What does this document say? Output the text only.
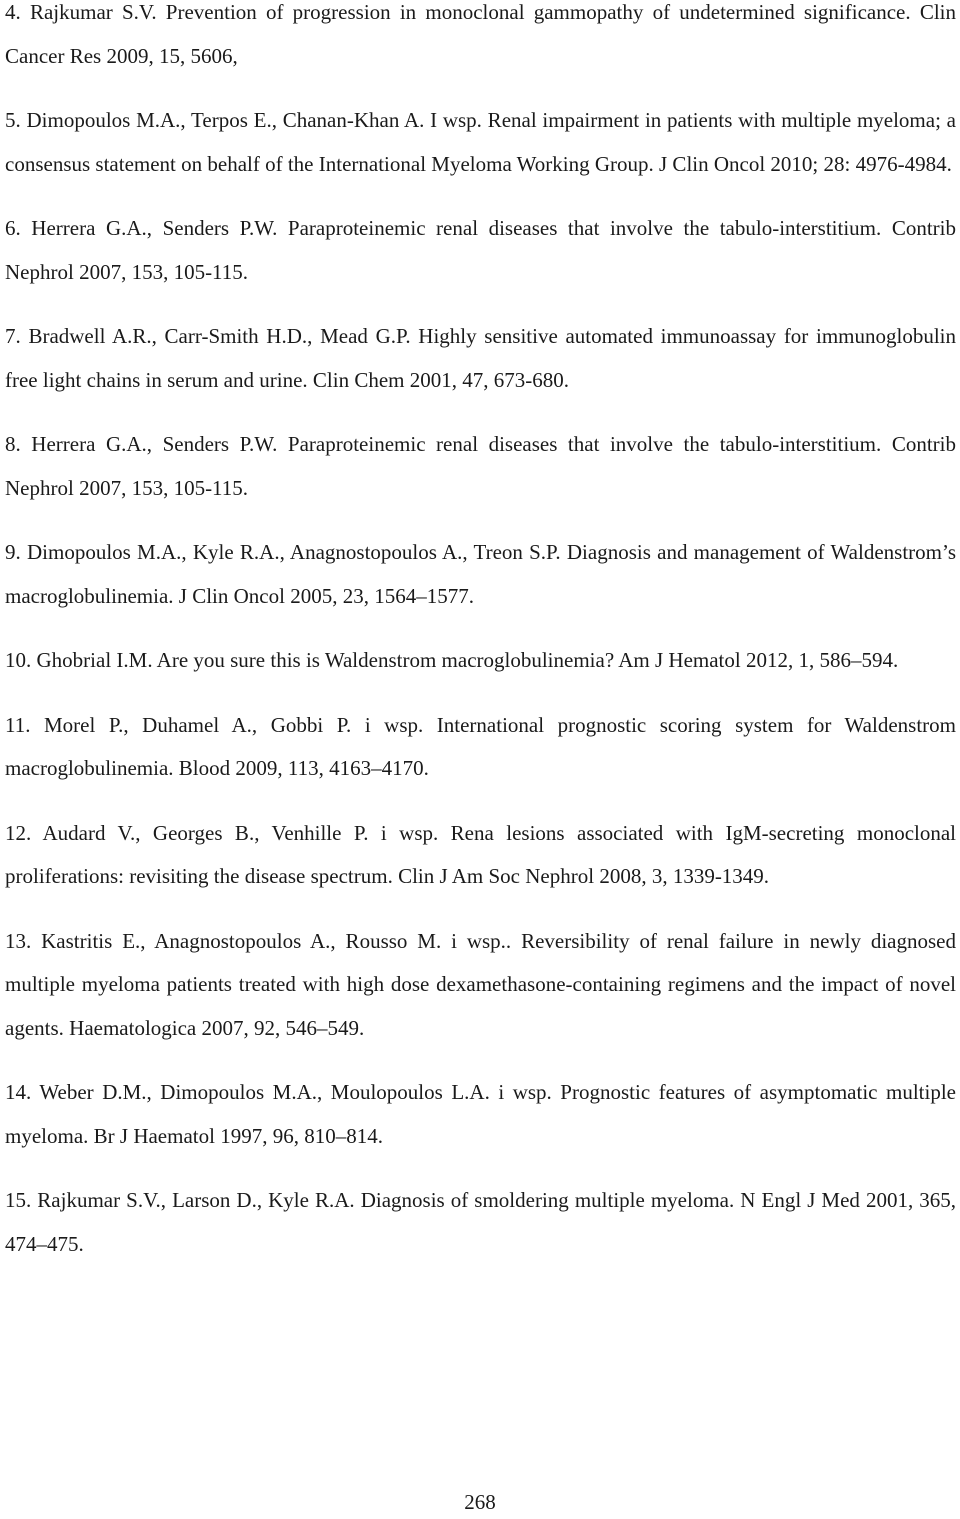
4. Rajkumar S.V. Prevention of progression in monoclonal gammopathy of undetermined significance. Clin Cancer Res 2009, 15, 5606,

5. Dimopoulos M.A., Terpos E., Chanan-Khan A. I wsp. Renal impairment in patients with multiple myeloma; a consensus statement on behalf of the International Myeloma Working Group. J Clin Oncol 2010; 28: 4976-4984.

6. Herrera G.A., Senders P.W. Paraproteinemic renal diseases that involve the tabulo-interstitium. Contrib Nephrol 2007, 153, 105-115.

7. Bradwell A.R., Carr-Smith H.D., Mead G.P. Highly sensitive automated immunoassay for immunoglobulin free light chains in serum and urine. Clin Chem 2001, 47, 673-680.

8. Herrera G.A., Senders P.W. Paraproteinemic renal diseases that involve the tabulo-interstitium. Contrib Nephrol 2007, 153, 105-115.

9. Dimopoulos M.A., Kyle R.A., Anagnostopoulos A., Treon S.P. Diagnosis and management of Waldenstrom’s macroglobulinemia. J Clin Oncol 2005, 23, 1564–1577.

10. Ghobrial I.M. Are you sure this is Waldenstrom macroglobulinemia? Am J Hematol 2012, 1, 586–594.

11. Morel P., Duhamel A., Gobbi P. i wsp. International prognostic scoring system for Waldenstrom macroglobulinemia. Blood 2009, 113, 4163–4170.

12. Audard V., Georges B., Venhille P. i wsp. Rena lesions associated with IgM-secreting monoclonal proliferations: revisiting the disease spectrum. Clin J Am Soc Nephrol 2008, 3, 1339-1349.

13. Kastritis E., Anagnostopoulos A., Rousso M. i wsp.. Reversibility of renal failure in newly diagnosed multiple myeloma patients treated with high dose dexamethasone-containing regimens and the impact of novel agents. Haematologica 2007, 92, 546–549.

14. Weber D.M., Dimopoulos M.A., Moulopoulos L.A. i wsp. Prognostic features of asymptomatic multiple myeloma. Br J Haematol 1997, 96, 810–814.

15. Rajkumar S.V., Larson D., Kyle R.A. Diagnosis of smoldering multiple myeloma. N Engl J Med 2001, 365, 474–475.

268
